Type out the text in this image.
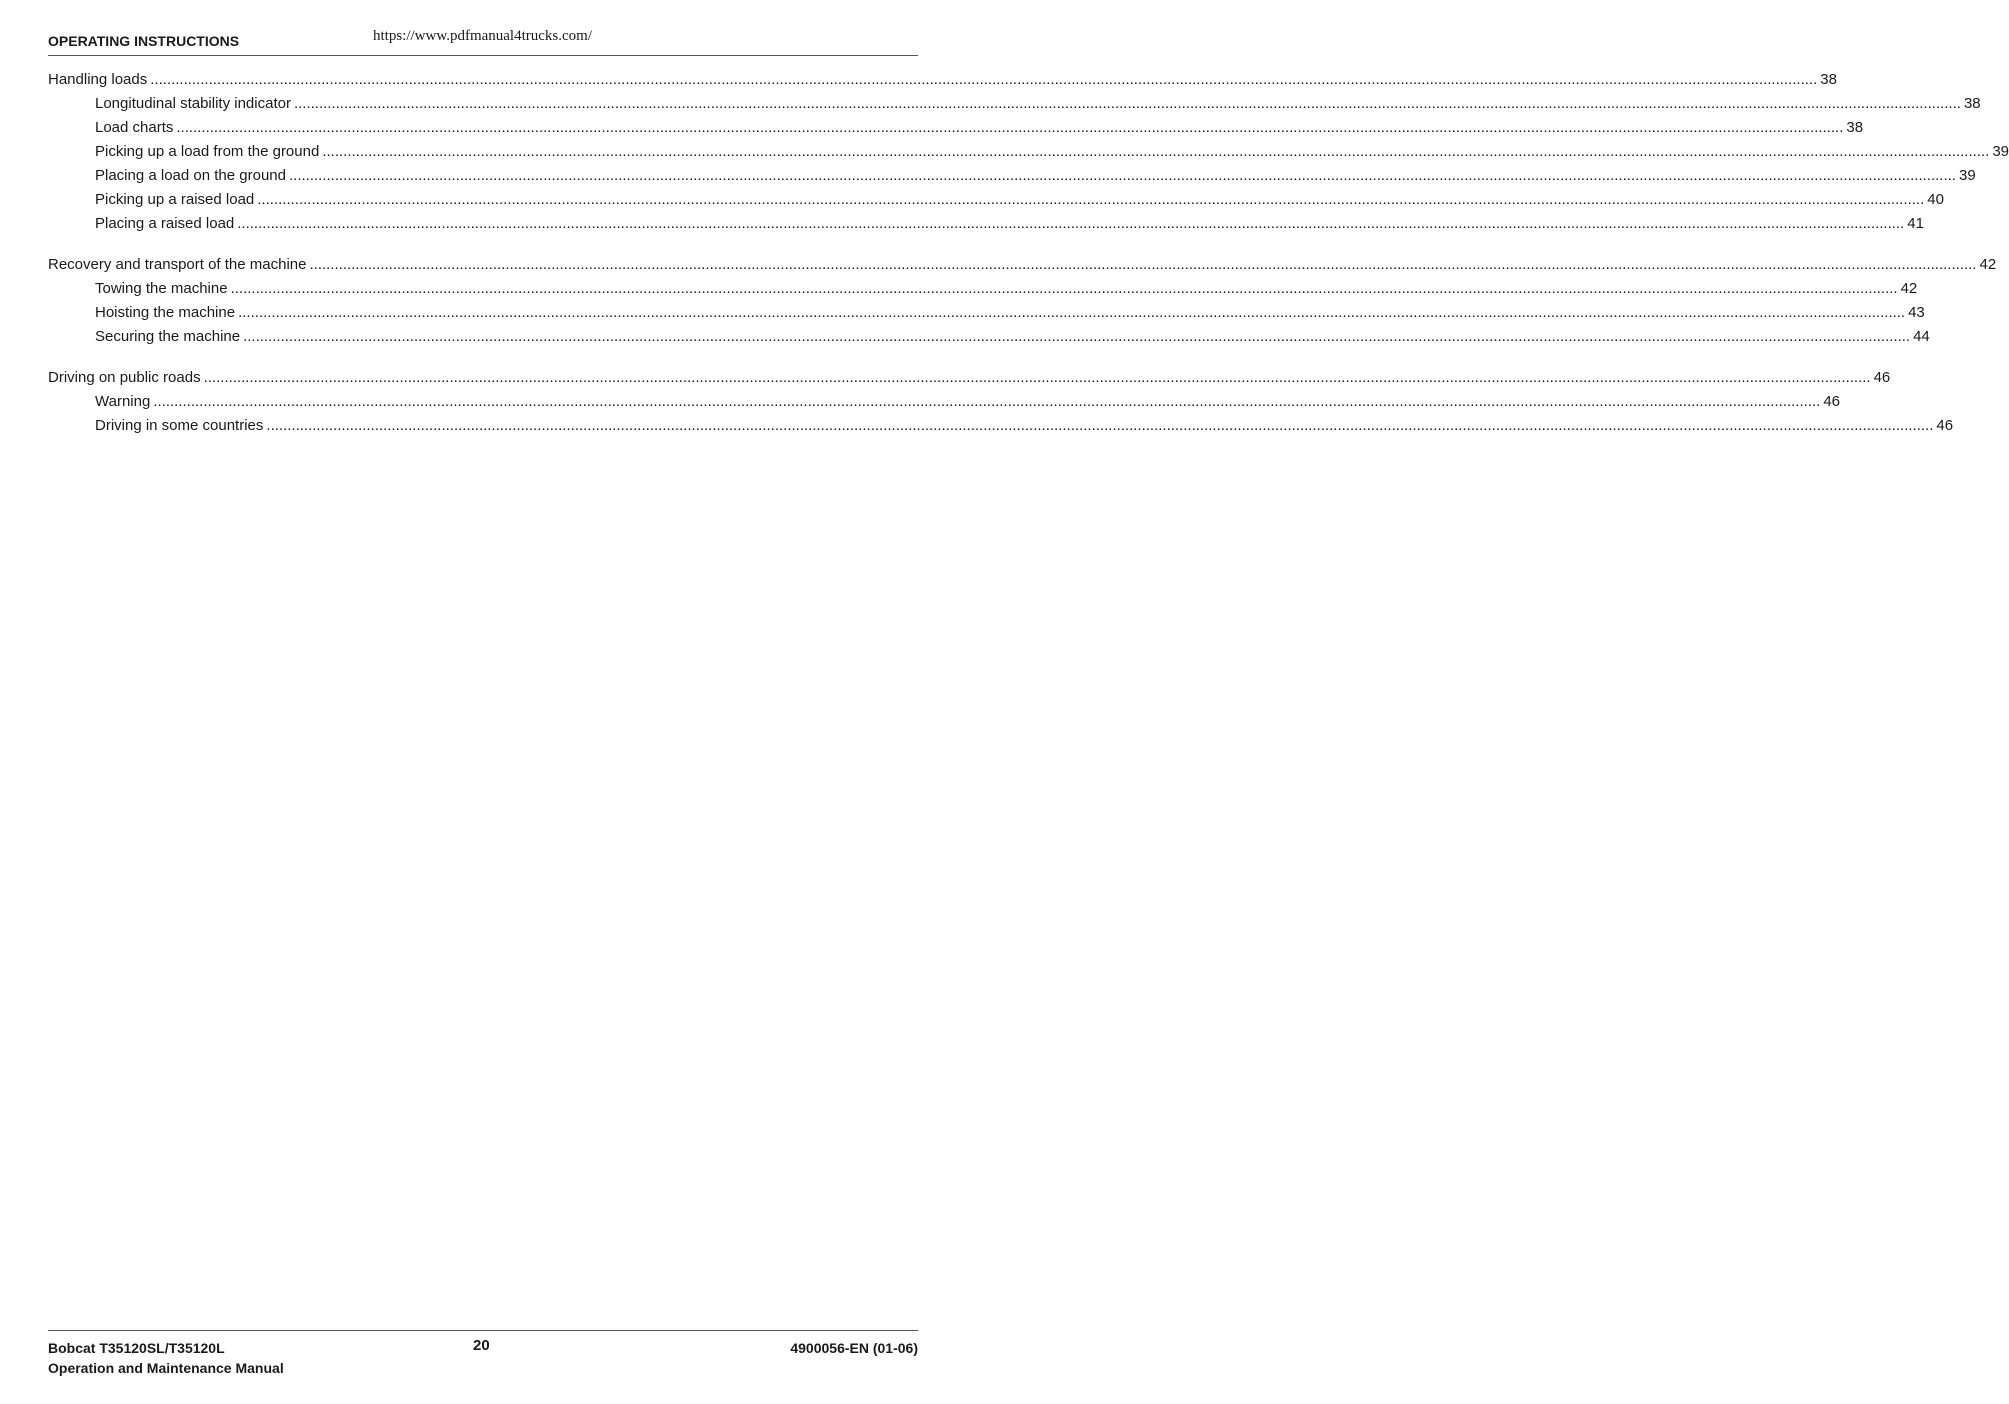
OPERATING INSTRUCTIONS	https://www.pdfmanual4trucks.com/
Handling loads ................................................................................................................................................................................................................................................................................................................................................................................................................ 38
Longitudinal stability indicator ................................................................................................................................................................................................................................................................................................................................................................................................................ 38
Load charts ................................................................................................................................................................................................................................................................................................................................................................................................................ 38
Picking up a load from the ground ................................................................................................................................................................................................................................................................................................................................................................................................................ 39
Placing a load on the ground ................................................................................................................................................................................................................................................................................................................................................................................................................ 39
Picking up a raised load ................................................................................................................................................................................................................................................................................................................................................................................................................ 40
Placing a raised load ................................................................................................................................................................................................................................................................................................................................................................................................................ 41
Recovery and transport of the machine ................................................................................................................................................................................................................................................................................................................................................................................................................ 42
Towing the machine ................................................................................................................................................................................................................................................................................................................................................................................................................ 42
Hoisting the machine ................................................................................................................................................................................................................................................................................................................................................................................................................ 43
Securing the machine ................................................................................................................................................................................................................................................................................................................................................................................................................ 44
Driving on public roads ................................................................................................................................................................................................................................................................................................................................................................................................................ 46
Warning ................................................................................................................................................................................................................................................................................................................................................................................................................ 46
Driving in some countries ................................................................................................................................................................................................................................................................................................................................................................................................................ 46
Bobcat T35120SL/T35120L
Operation and Maintenance Manual
20	4900056-EN (01-06)
